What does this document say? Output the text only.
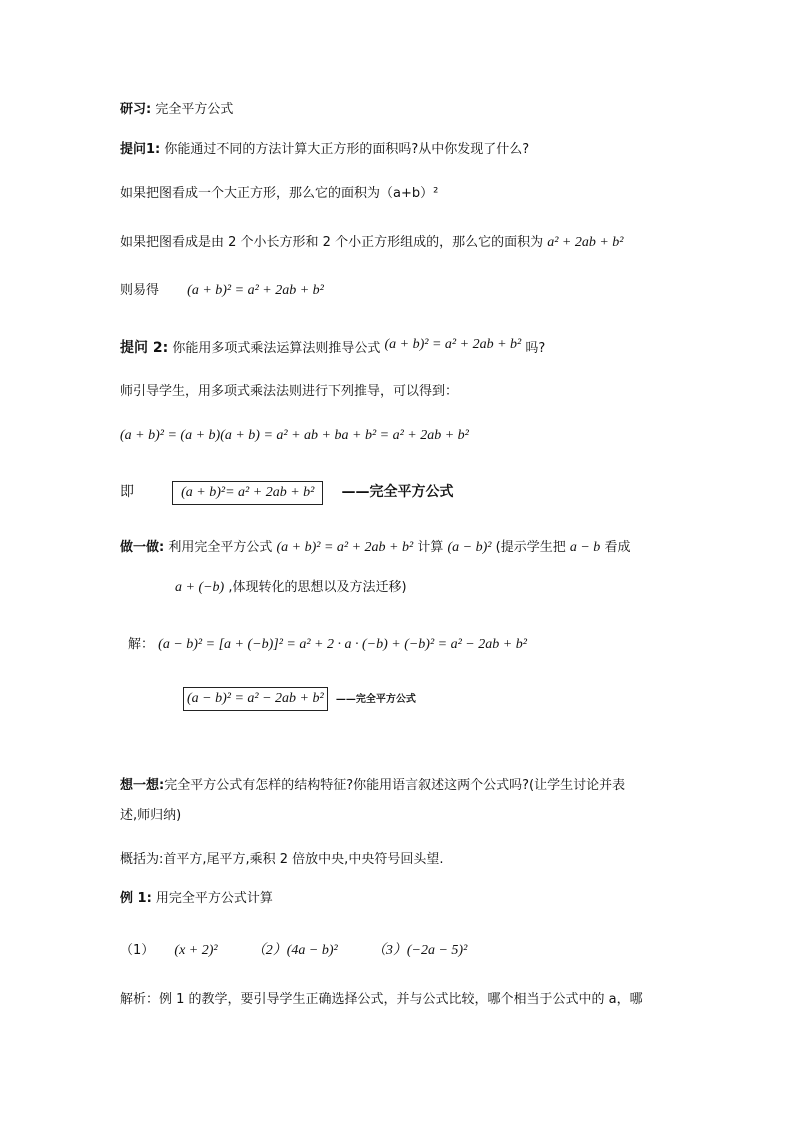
研习: 完全平方公式
提问1: 你能通过不同的方法计算大正方形的面积吗?从中你发现了什么?
如果把图看成一个大正方形，那么它的面积为（a+b）²
如果把图看成是由 2 个小长方形和 2 个小正方形组成的，那么它的面积为 a² + 2ab + b²
则易得 (a + b)² = a² + 2ab + b²
提问 2: 你能用多项式乘法运算法则推导公式 (a + b)² = a² + 2ab + b² 吗?
师引导学生，用多项式乘法法则进行下列推导，可以得到：
(a + b)² = (a + b)(a + b) = a² + ab + ba + b² = a² + 2ab + b²
即	(a + b)²= a² + 2ab + b² ——完全平方公式
做一做: 利用完全平方公式 (a + b)² = a² + 2ab + b² 计算 (a − b)² (提示学生把 a − b 看成
a + (−b) ,体现转化的思想以及方法迁移)
解： (a − b)² = [a + (−b)]² = a² + 2 · a · (−b) + (−b)² = a² − 2ab + b²
(a − b)² = a² − 2ab + b² ——完全平方公式
想一想:完全平方公式有怎样的结构特征?你能用语言叙述这两个公式吗?(让学生讨论并表
述,师归纳)
概括为:首平方,尾平方,乘积 2 倍放中央,中央符号回头望.
例 1: 用完全平方公式计算
（1） (x + 2)² （2）(4a − b)² （3）(−2a − 5)²
解析：例 1 的教学，要引导学生正确选择公式，并与公式比较，哪个相当于公式中的 a，哪
